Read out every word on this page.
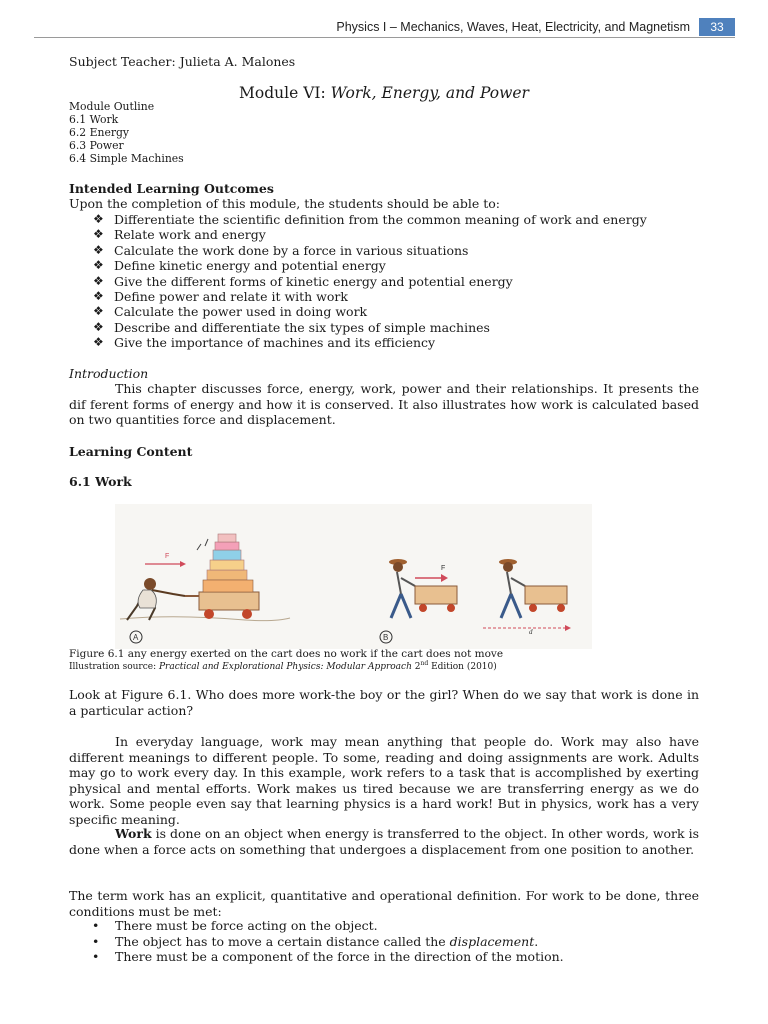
Physics I – Mechanics, Waves, Heat, Electricity, and Magnetism	33
Subject Teacher: Julieta A. Malones
Module VI: Work, Energy, and Power
Module Outline
6.1 Work
6.2 Energy
6.3 Power
6.4 Simple Machines
Intended Learning Outcomes
Upon the completion of this module, the students should be able to:
❖ Differentiate the scientific definition from the common meaning of work and energy
❖ Relate work and energy
❖ Calculate the work done by a force in various situations
❖ Define kinetic energy and potential energy
❖ Give the different forms of kinetic energy and potential energy
❖ Define power and relate it with work
❖ Calculate the power used in doing work
❖ Describe and differentiate the six types of simple machines
❖ Give the importance of machines and its efficiency
Introduction
This chapter discusses force, energy, work, power and their relationships. It presents the dif ferent forms of energy and how it is conserved. It also illustrates how work is calculated based on two quantities force and displacement.
Learning Content
6.1 Work
F
A
F
d
B
Figure 6.1 any energy exerted on the cart does no work if the cart does not move
Illustration source: Practical and Explorational Physics: Modular Approach 2nd Edition (2010)
Look at Figure 6.1. Who does more work-the boy or the girl? When do we say that work is done in a particular action?
In everyday language, work may mean anything that people do. Work may also have different meanings to different people. To some, reading and doing assignments are work. Adults may go to work every day. In this example, work refers to a task that is accomplished by exerting physical and mental efforts. Work makes us tired because we are transferring energy as we do work. Some people even say that learning physics is a hard work! But in physics, work has a very specific meaning.
Work is done on an object when energy is transferred to the object. In other words, work is done when a force acts on something that undergoes a displacement from one position to another.
The term work has an explicit, quantitative and operational definition. For work to be done, three conditions must be met:
• There must be force acting on the object.
• The object has to move a certain distance called the displacement.
• There must be a component of the force in the direction of the motion.
